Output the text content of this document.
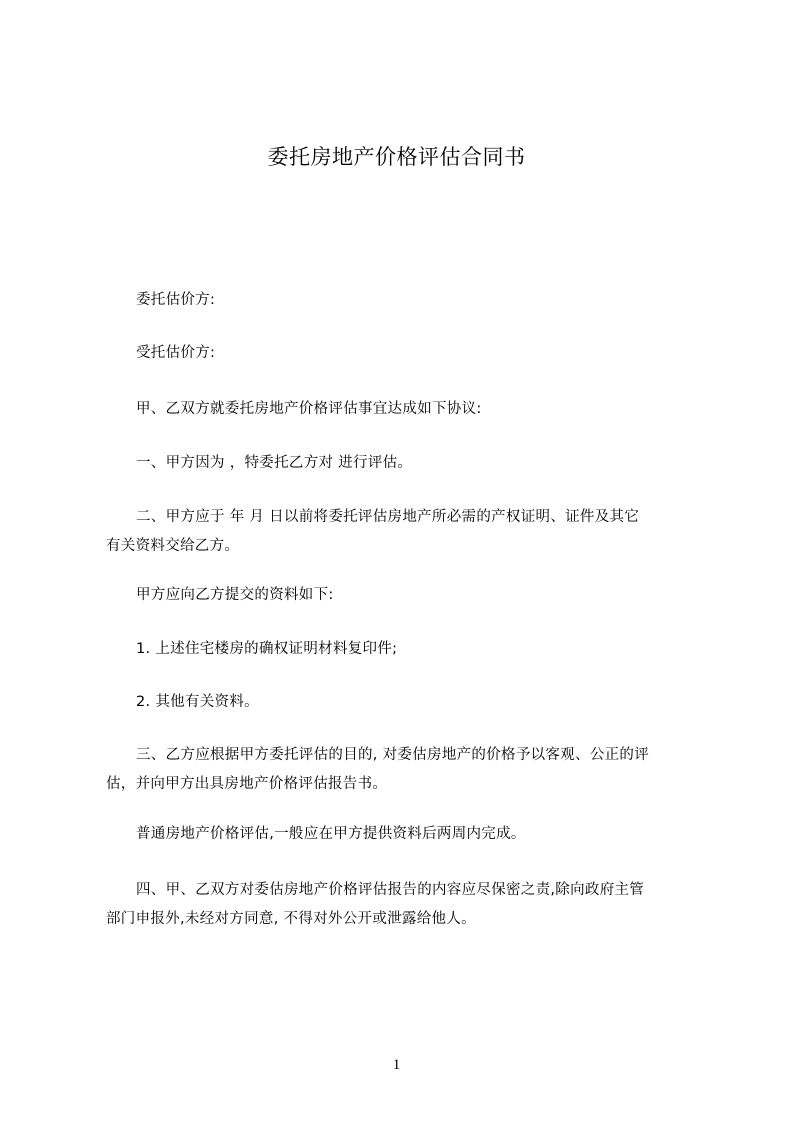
委托房地产价格评估合同书
委托估价方:
受托估价方:
甲、乙双方就委托房地产价格评估事宜达成如下协议:
一、甲方因为 ，特委托乙方对 进行评估。
二、甲方应于 年 月 日以前将委托评估房地产所必需的产权证明、证件及其它
有关资料交给乙方。
甲方应向乙方提交的资料如下:
1. 上述住宅楼房的确权证明材料复印件;
2. 其他有关资料。
三、乙方应根据甲方委托评估的目的, 对委估房地产的价格予以客观、公正的评
估，并向甲方出具房地产价格评估报告书。
普通房地产价格评估,一般应在甲方提供资料后两周内完成。
四、甲、乙双方对委估房地产价格评估报告的内容应尽保密之责,除向政府主管
部门申报外,未经对方同意, 不得对外公开或泄露给他人。
1
